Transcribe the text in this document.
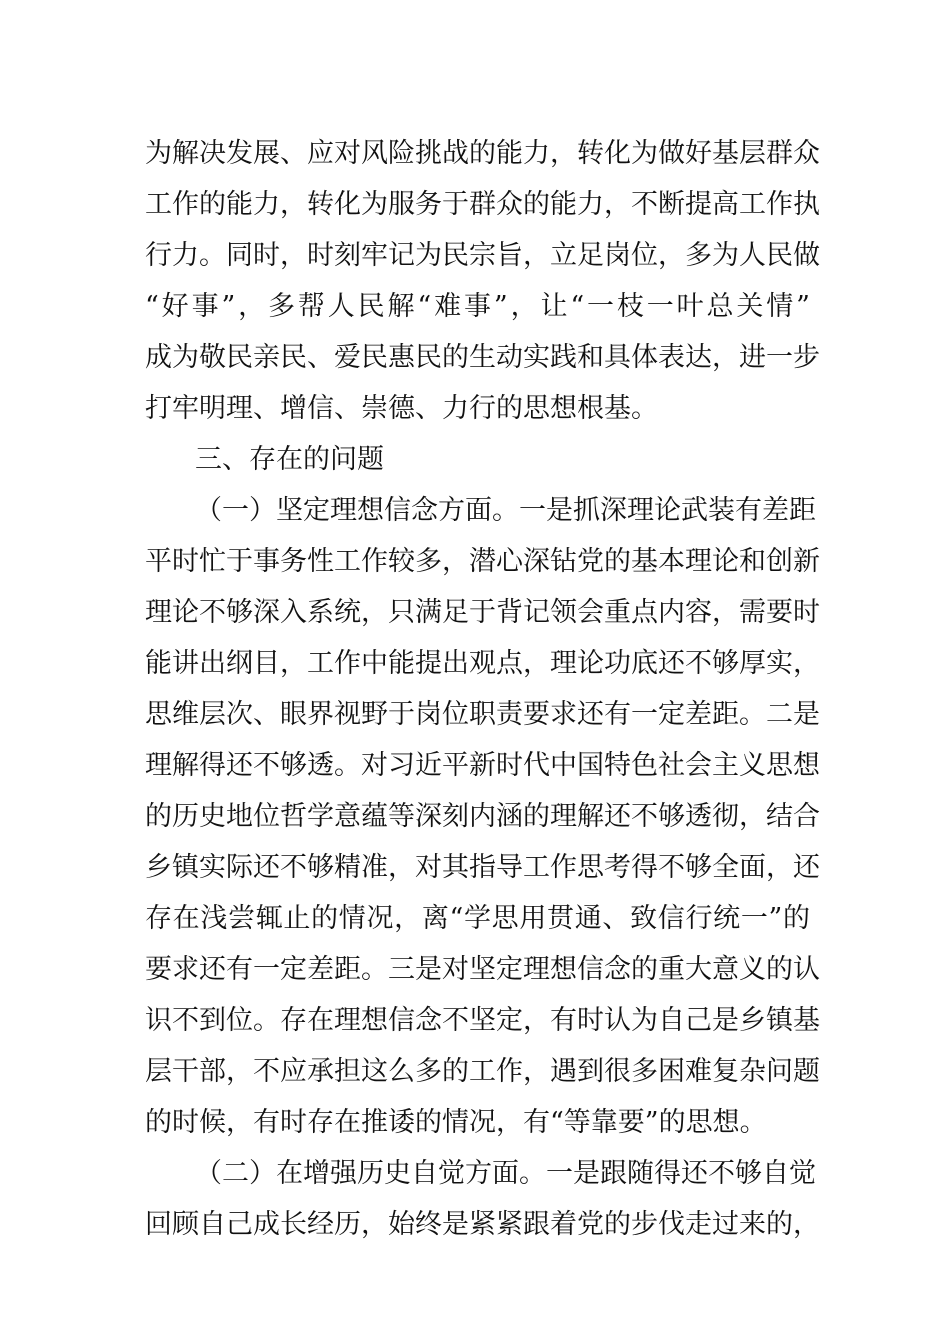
为解决发展、应对风险挑战的能力，转化为做好基层群众
工作的能力，转化为服务于群众的能力，不断提高工作执
行力。同时，时刻牢记为民宗旨，立足岗位，多为人民做
“好事”，多帮人民解“难事”，让“一枝一叶总关情”
成为敬民亲民、爱民惠民的生动实践和具体表达，进一步
打牢明理、增信、崇德、力行的思想根基。
三、存在的问题
（一）坚定理想信念方面。一是抓深理论武装有差距
平时忙于事务性工作较多，潜心深钻党的基本理论和创新
理论不够深入系统，只满足于背记领会重点内容，需要时
能讲出纲目，工作中能提出观点，理论功底还不够厚实，
思维层次、眼界视野于岗位职责要求还有一定差距。二是
理解得还不够透。对习近平新时代中国特色社会主义思想
的历史地位哲学意蕴等深刻内涵的理解还不够透彻，结合
乡镇实际还不够精准，对其指导工作思考得不够全面，还
存在浅尝辄止的情况，离“学思用贯通、致信行统一”的
要求还有一定差距。三是对坚定理想信念的重大意义的认
识不到位。存在理想信念不坚定，有时认为自己是乡镇基
层干部，不应承担这么多的工作，遇到很多困难复杂问题
的时候，有时存在推诿的情况，有“等靠要”的思想。
（二）在增强历史自觉方面。一是跟随得还不够自觉
回顾自己成长经历，始终是紧紧跟着党的步伐走过来的，
